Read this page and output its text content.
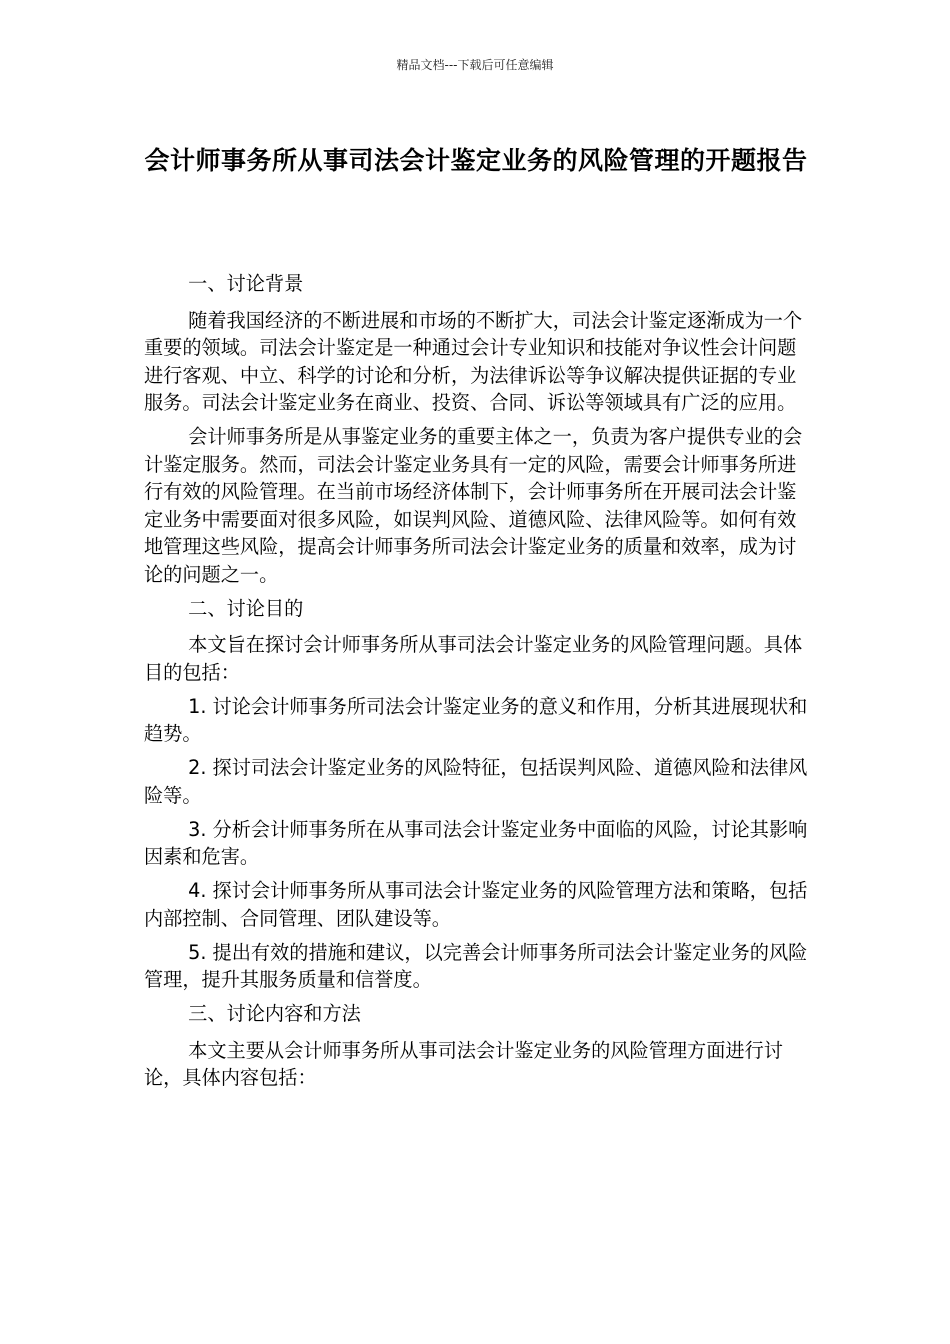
精品文档---下载后可任意编辑
会计师事务所从事司法会计鉴定业务的风险管理的开题报告

一、讨论背景

随着我国经济的不断进展和市场的不断扩大，司法会计鉴定逐渐成为一个重要的领域。司法会计鉴定是一种通过会计专业知识和技能对争议性会计问题进行客观、中立、科学的讨论和分析，为法律诉讼等争议解决提供证据的专业服务。司法会计鉴定业务在商业、投资、合同、诉讼等领域具有广泛的应用。

会计师事务所是从事鉴定业务的重要主体之一，负责为客户提供专业的会计鉴定服务。然而，司法会计鉴定业务具有一定的风险，需要会计师事务所进行有效的风险管理。在当前市场经济体制下，会计师事务所在开展司法会计鉴定业务中需要面对很多风险，如误判风险、道德风险、法律风险等。如何有效地管理这些风险，提高会计师事务所司法会计鉴定业务的质量和效率，成为讨论的问题之一。

二、讨论目的

本文旨在探讨会计师事务所从事司法会计鉴定业务的风险管理问题。具体目的包括：

1. 讨论会计师事务所司法会计鉴定业务的意义和作用，分析其进展现状和趋势。

2. 探讨司法会计鉴定业务的风险特征，包括误判风险、道德风险和法律风险等。

3. 分析会计师事务所在从事司法会计鉴定业务中面临的风险，讨论其影响因素和危害。

4. 探讨会计师事务所从事司法会计鉴定业务的风险管理方法和策略，包括内部控制、合同管理、团队建设等。

5. 提出有效的措施和建议，以完善会计师事务所司法会计鉴定业务的风险管理，提升其服务质量和信誉度。

三、讨论内容和方法

本文主要从会计师事务所从事司法会计鉴定业务的风险管理方面进行讨论，具体内容包括：
